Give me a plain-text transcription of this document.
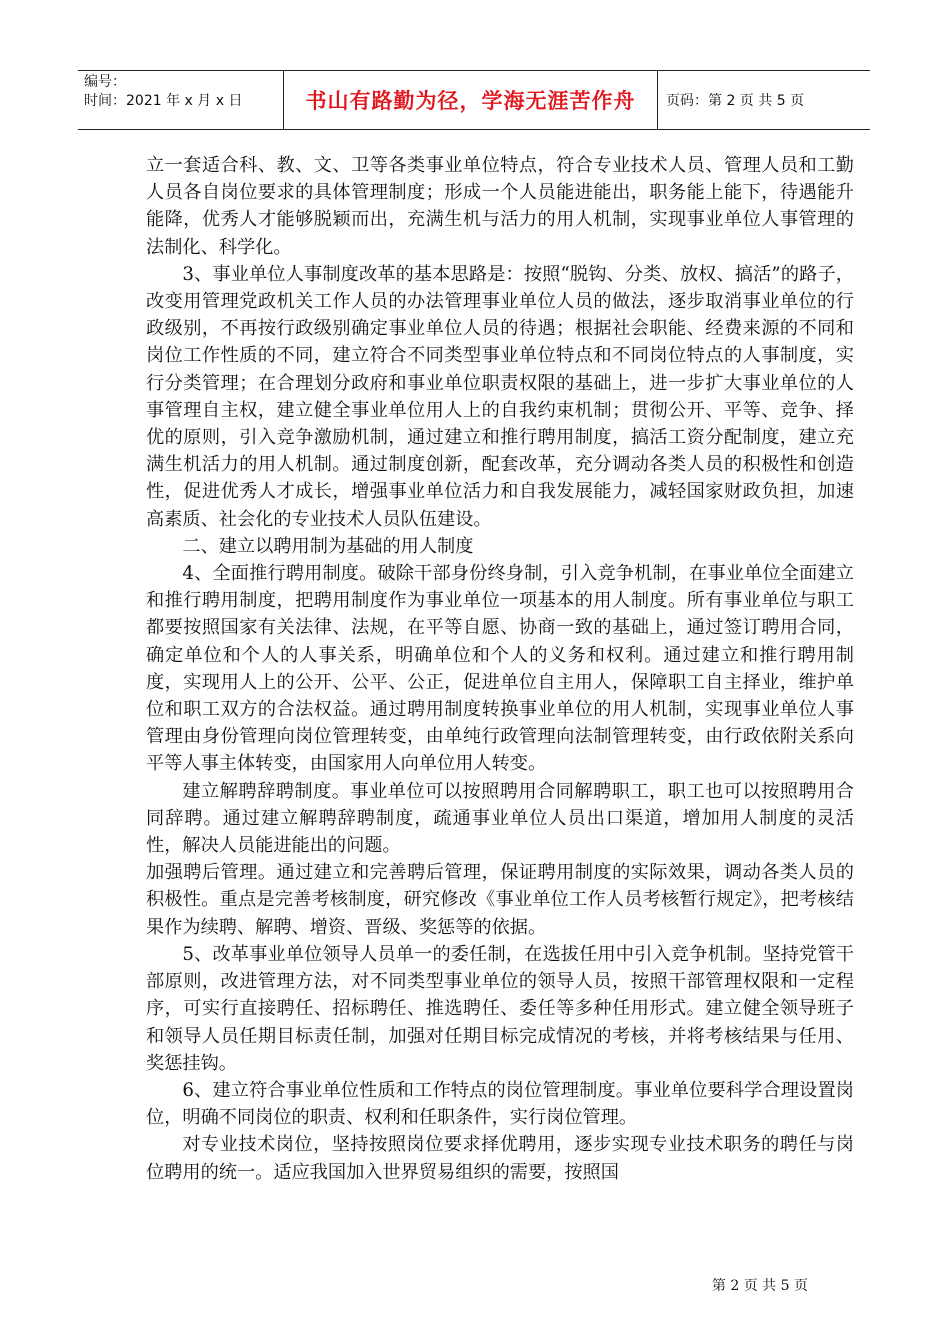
编号：
时间：2021 年 x 月 x 日	书山有路勤为径，学海无涯苦作舟	页码：第 2 页 共 5 页

立一套适合科、教、文、卫等各类事业单位特点，符合专业技术人员、管理人员和工勤人员各自岗位要求的具体管理制度；形成一个人员能进能出，职务能上能下，待遇能升能降，优秀人才能够脱颖而出，充满生机与活力的用人机制，实现事业单位人事管理的法制化、科学化。

3、事业单位人事制度改革的基本思路是：按照“脱钩、分类、放权、搞活”的路子，改变用管理党政机关工作人员的办法管理事业单位人员的做法，逐步取消事业单位的行政级别，不再按行政级别确定事业单位人员的待遇；根据社会职能、经费来源的不同和岗位工作性质的不同，建立符合不同类型事业单位特点和不同岗位特点的人事制度，实行分类管理；在合理划分政府和事业单位职责权限的基础上，进一步扩大事业单位的人事管理自主权，建立健全事业单位用人上的自我约束机制；贯彻公开、平等、竞争、择优的原则，引入竞争激励机制，通过建立和推行聘用制度，搞活工资分配制度，建立充满生机活力的用人机制。通过制度创新，配套改革，充分调动各类人员的积极性和创造性，促进优秀人才成长，增强事业单位活力和自我发展能力，减轻国家财政负担，加速高素质、社会化的专业技术人员队伍建设。

二、建立以聘用制为基础的用人制度

4、全面推行聘用制度。破除干部身份终身制，引入竞争机制，在事业单位全面建立和推行聘用制度，把聘用制度作为事业单位一项基本的用人制度。所有事业单位与职工都要按照国家有关法律、法规，在平等自愿、协商一致的基础上，通过签订聘用合同，确定单位和个人的人事关系，明确单位和个人的义务和权利。通过建立和推行聘用制度，实现用人上的公开、公平、公正，促进单位自主用人，保障职工自主择业，维护单位和职工双方的合法权益。通过聘用制度转换事业单位的用人机制，实现事业单位人事管理由身份管理向岗位管理转变，由单纯行政管理向法制管理转变，由行政依附关系向平等人事主体转变，由国家用人向单位用人转变。

建立解聘辞聘制度。事业单位可以按照聘用合同解聘职工，职工也可以按照聘用合同辞聘。通过建立解聘辞聘制度，疏通事业单位人员出口渠道，增加用人制度的灵活性，解决人员能进能出的问题。

加强聘后管理。通过建立和完善聘后管理，保证聘用制度的实际效果，调动各类人员的积极性。重点是完善考核制度，研究修改《事业单位工作人员考核暂行规定》，把考核结果作为续聘、解聘、增资、晋级、奖惩等的依据。

5、改革事业单位领导人员单一的委任制，在选拔任用中引入竞争机制。坚持党管干部原则，改进管理方法，对不同类型事业单位的领导人员，按照干部管理权限和一定程序，可实行直接聘任、招标聘任、推选聘任、委任等多种任用形式。建立健全领导班子和领导人员任期目标责任制，加强对任期目标完成情况的考核，并将考核结果与任用、奖惩挂钩。

6、建立符合事业单位性质和工作特点的岗位管理制度。事业单位要科学合理设置岗位，明确不同岗位的职责、权利和任职条件，实行岗位管理。

对专业技术岗位，坚持按照岗位要求择优聘用，逐步实现专业技术职务的聘任与岗位聘用的统一。适应我国加入世界贸易组织的需要，按照国

第 2 页 共 5 页
